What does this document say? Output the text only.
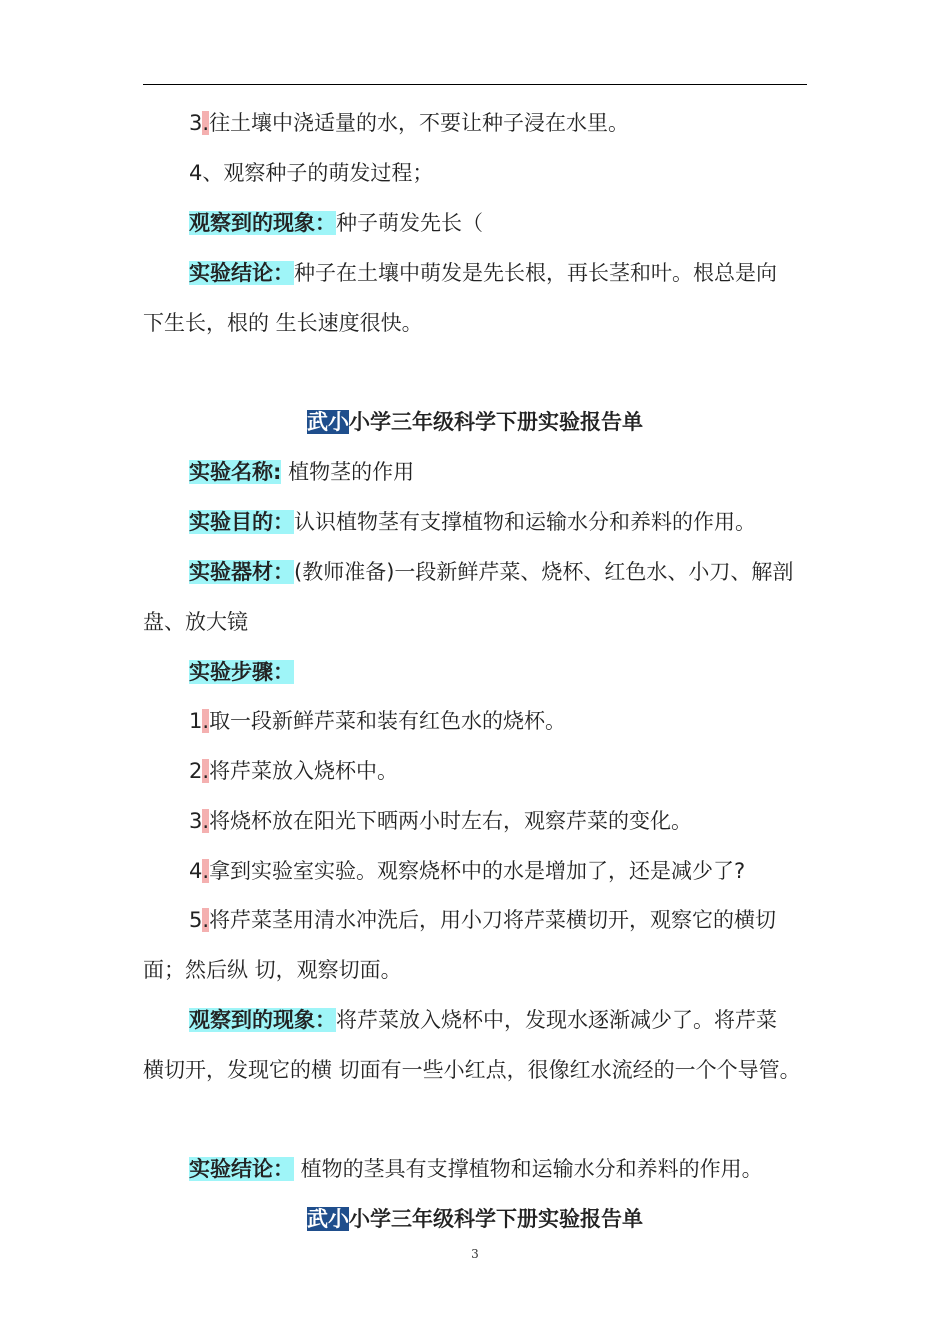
3.往土壤中浇适量的水，不要让种子浸在水里。
4、观察种子的萌发过程；
观察到的现象：种子萌发先长（
实验结论：种子在土壤中萌发是先长根，再长茎和叶。根总是向
下生长，根的 生长速度很快。
武小小学三年级科学下册实验报告单
实验名称: 植物茎的作用
实验目的：认识植物茎有支撑植物和运输水分和养料的作用。
实验器材：(教师准备)一段新鲜芹菜、烧杯、红色水、小刀、解剖
盘、放大镜
实验步骤：
1.取一段新鲜芹菜和装有红色水的烧杯。
2.将芹菜放入烧杯中。
3.将烧杯放在阳光下晒两小时左右，观察芹菜的变化。
4.拿到实验室实验。观察烧杯中的水是增加了，还是减少了?
5.将芹菜茎用清水冲洗后，用小刀将芹菜横切开，观察它的横切
面；然后纵 切，观察切面。
观察到的现象：将芹菜放入烧杯中，发现水逐渐减少了。将芹菜
横切开，发现它的横 切面有一些小红点，很像红水流经的一个个导管。
实验结论： 植物的茎具有支撑植物和运输水分和养料的作用。
武小小学三年级科学下册实验报告单
3
